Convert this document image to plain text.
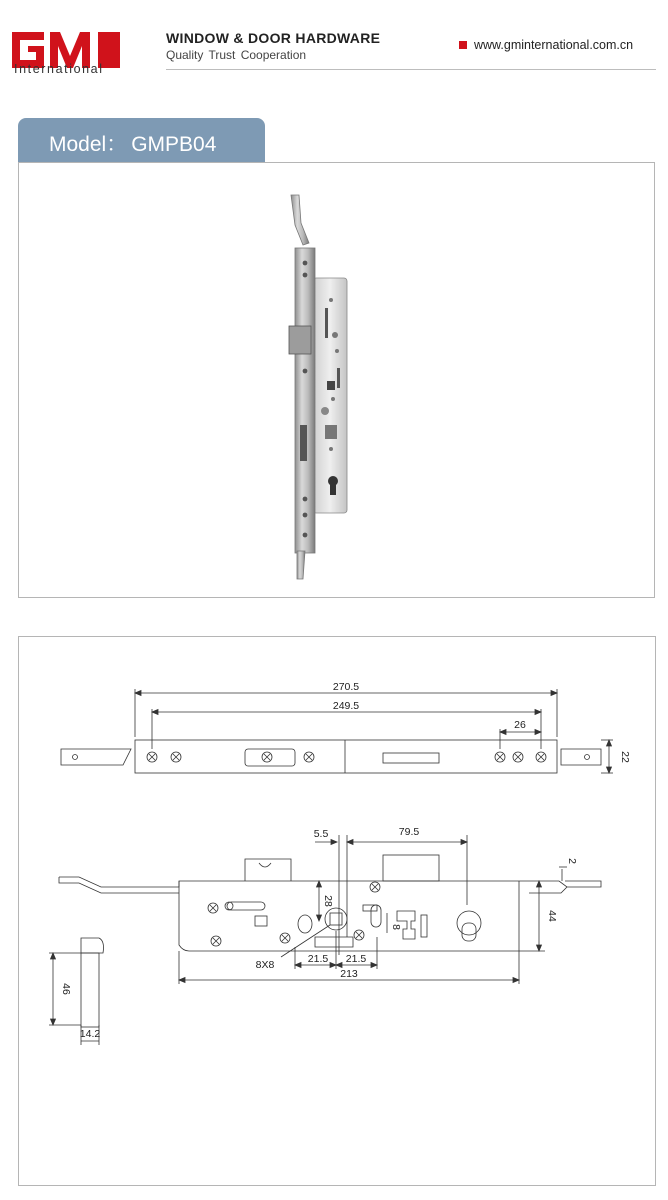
International
WINDOW & DOOR HARDWARE
Quality Trust Cooperation
www.gminternational.com.cn
Model： GMPB04
270.5
249.5
26
22
5.5	79.5
2
44
28
8X8
8
21.5 21.5
213
46
14.2
